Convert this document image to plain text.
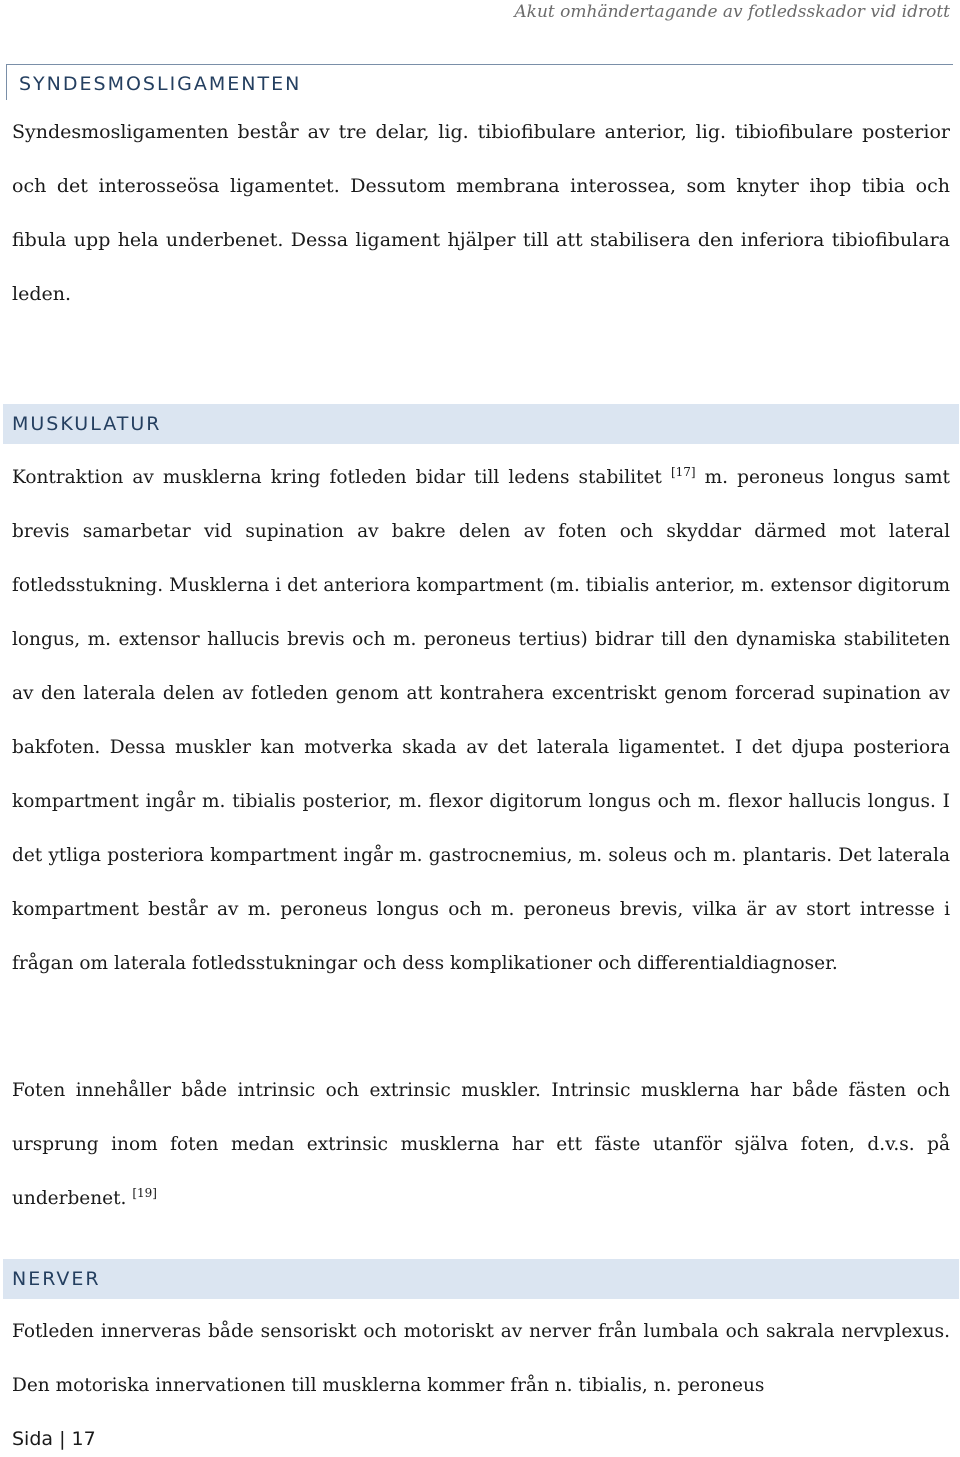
Akut omhändertagande av fotledsskador vid idrott
SYNDESMOSLIGAMENTEN

Syndesmosligamenten består av tre delar, lig. tibiofibulare anterior, lig. tibiofibulare posterior och det interosseösa ligamentet. Dessutom membrana interossea, som knyter ihop tibia och fibula upp hela underbenet. Dessa ligament hjälper till att stabilisera den inferiora tibiofibulara leden.

MUSKULATUR

Kontraktion av musklerna kring fotleden bidar till ledens stabilitet [17] m. peroneus longus samt brevis samarbetar vid supination av bakre delen av foten och skyddar därmed mot lateral fotledsstukning. Musklerna i det anteriora kompartment (m. tibialis anterior, m. extensor digitorum longus, m. extensor hallucis brevis och m. peroneus tertius) bidrar till den dynamiska stabiliteten av den laterala delen av fotleden genom att kontrahera excentriskt genom forcerad supination av bakfoten. Dessa muskler kan motverka skada av det laterala ligamentet. I det djupa posteriora kompartment ingår m. tibialis posterior, m. flexor digitorum longus och m. flexor hallucis longus. I det ytliga posteriora kompartment ingår m. gastrocnemius, m. soleus och m. plantaris. Det laterala kompartment består av m. peroneus longus och m. peroneus brevis, vilka är av stort intresse i frågan om laterala fotledsstukningar och dess komplikationer och differentialdiagnoser.

Foten innehåller både intrinsic och extrinsic muskler. Intrinsic musklerna har både fästen och ursprung inom foten medan extrinsic musklerna har ett fäste utanför själva foten, d.v.s. på underbenet. [19]

NERVER

Fotleden innerveras både sensoriskt och motoriskt av nerver från lumbala och sakrala nervplexus. Den motoriska innervationen till musklerna kommer från n. tibialis, n. peroneus

Sida | 17
